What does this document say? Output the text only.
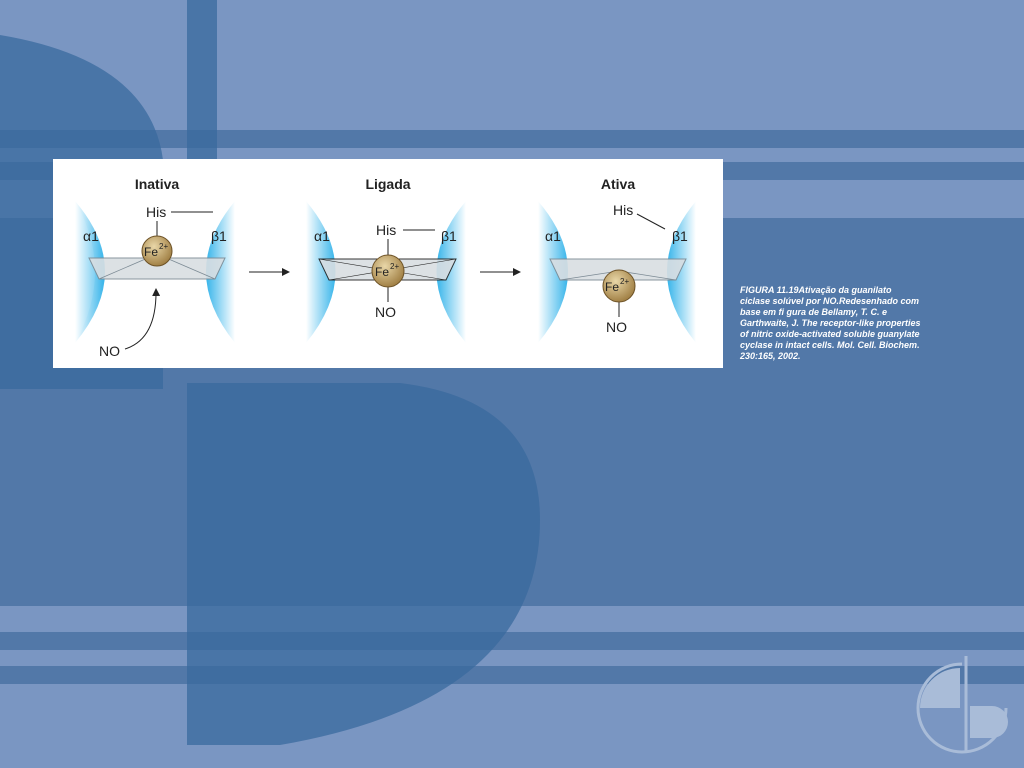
Inativa
Fe 2+
His
α1	β1
NO
Ligada
Fe 2+
His
α1	β1
NO
Ativa
Fe 2+
His
α1	β1
NO

FIGURA 11.19Ativação da guanilato ciclase solúvel por NO.Redesenhado com base em fi gura de Bellamy, T. C. e Garthwaite, J. The receptor-like properties of nitric oxide-activated soluble guanylate cyclase in intact cells. Mol. Cell. Biochem. 230:165, 2002.
